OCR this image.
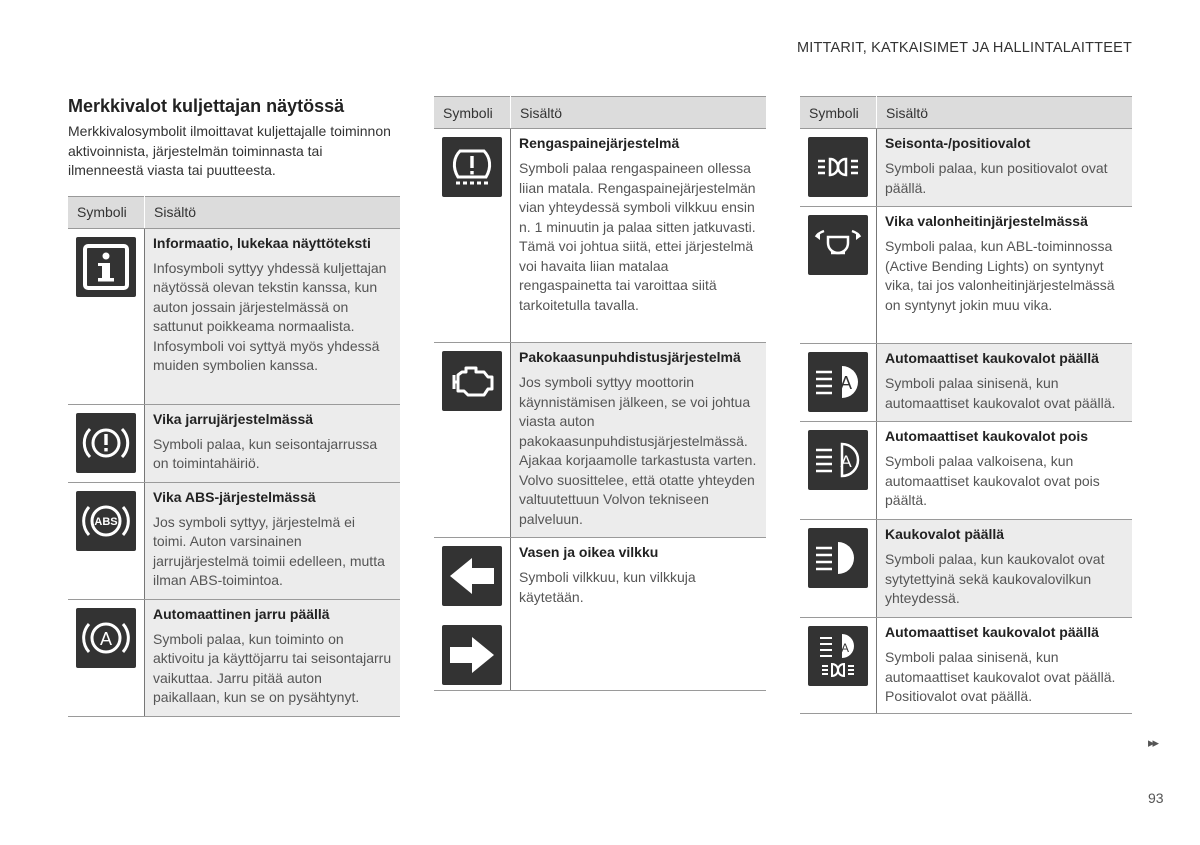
MITTARIT, KATKAISIMET JA HALLINTALAITTEET
Merkkivalot kuljettajan näytössä

Merkkivalosymbolit ilmoittavat kuljettajalle toiminnon aktivoinnista, järjestelmän toiminnasta tai
ilmenneestä viasta tai puutteesta.

Symboli	Sisältö

Informaatio, lukekaa näyttöteksti
Infosymboli syttyy yhdessä kuljettajan näytössä olevan tekstin kanssa, kun auton jossain järjestelmässä on sattunut poikkeama normaalista. Infosymboli voi syttyä myös yhdessä muiden symbolien kanssa.

Vika jarrujärjestelmässä
Symboli palaa, kun seisontajarrussa on toimintahäiriö.

ABS	Vika ABS-järjestelmässä
Jos symboli syttyy, järjestelmä ei toimi. Auton varsinainen jarrujärjestelmä toimii edelleen, mutta ilman ABS-toimintoa.

A	Automaattinen jarru päällä
Symboli palaa, kun toiminto on aktivoitu ja käyttöjarru tai seisontajarru vaikuttaa. Jarru pitää auton paikallaan, kun se on pysähtynyt.
Symboli	Sisältö

Rengaspainejärjestelmä
Symboli palaa rengaspaineen ollessa liian matala. Rengaspainejärjestelmän vian yhteydessä symboli vilkkuu ensin n. 1 minuutin ja palaa sitten jatkuvasti. Tämä voi johtua siitä, ettei järjestelmä voi havaita liian matalaa rengaspainetta tai varoittaa siitä tarkoitetulla tavalla.

Pakokaasunpuhdistusjärjestelmä
Jos symboli syttyy moottorin käynnistämisen jälkeen, se voi johtua viasta auton pakokaasunpuhdistusjärjestelmässä. Ajakaa korjaamolle tarkastusta varten. Volvo suosittelee, että otatte yhteyden valtuutettuun Volvon tekniseen palveluun.

Vasen ja oikea vilkku
Symboli vilkkuu, kun vilkkuja käytetään.
Symboli	Sisältö

Seisonta-/positiovalot
Symboli palaa, kun positiovalot ovat päällä.

Vika valonheitinjärjestelmässä
Symboli palaa, kun ABL-toiminnossa (Active Bending Lights) on syntynyt vika, tai jos valonheitinjärjestelmässä on syntynyt jokin muu vika.

A	Automaattiset kaukovalot päällä
Symboli palaa sinisenä, kun automaattiset kaukovalot ovat päällä.

A	Automaattiset kaukovalot pois
Symboli palaa valkoisena, kun automaattiset kaukovalot ovat pois päältä.

Kaukovalot päällä
Symboli palaa, kun kaukovalot ovat sytytettyinä sekä kaukovalovilkun yhteydessä.

A	Automaattiset kaukovalot päällä
Symboli palaa sinisenä, kun automaattiset kaukovalot ovat päällä. Positiovalot ovat päällä.
▸▸
93
